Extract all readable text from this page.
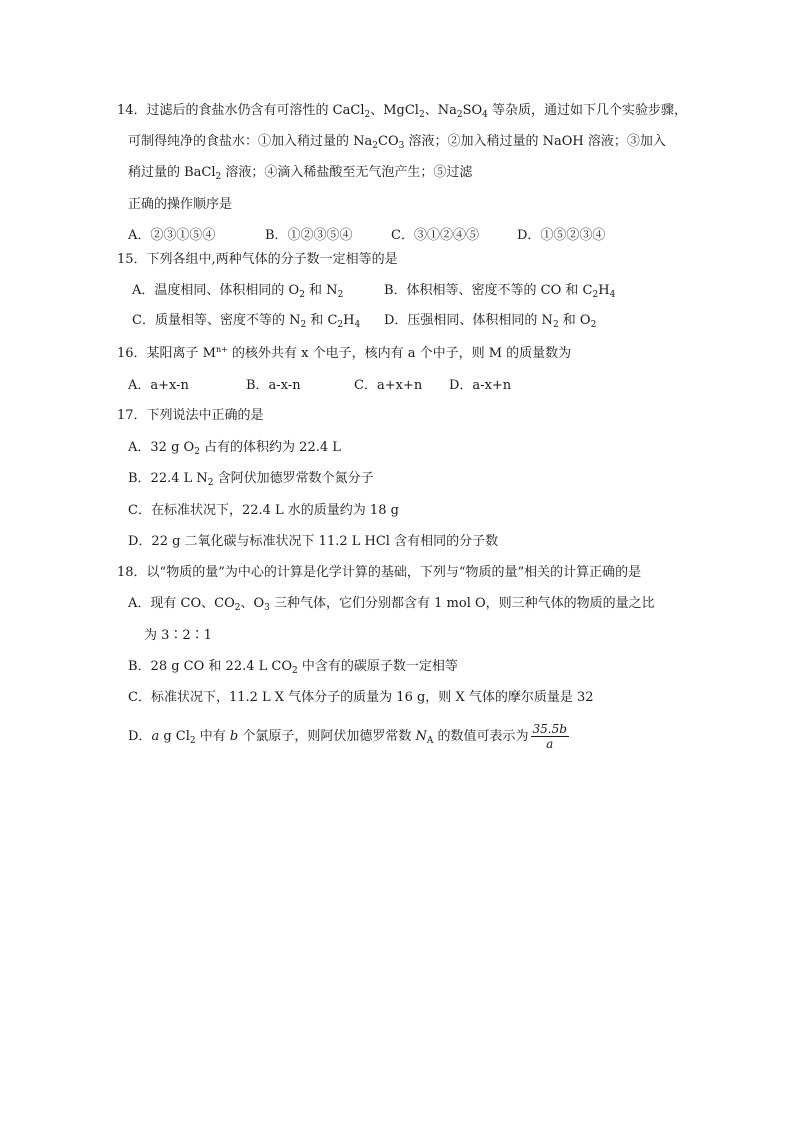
14．过滤后的食盐水仍含有可溶性的 CaCl$_2$、MgCl$_2$、$Na_2SO_4$ 等杂质，通过如下几个实验步骤，
可制得纯净的食盐水：①加入稍过量的 $Na_2CO_3$ 溶液；②加入稍过量的 NaOH 溶液；③加入
稍过量的 BaCl$_2$ 溶液；④滴入稀盐酸至无气泡产生；⑤过滤
正确的操作顺序是
A．②③①⑤④	B．①②③⑤④	C．③①②④⑤	D．①⑤②③④
15．下列各组中,两种气体的分子数一定相等的是
A．温度相同、体积相同的 $O_2$ 和 $N_2$	B．体积相等、密度不等的 CO 和 $C_2H_4$
C．质量相等、密度不等的 $N_2$ 和 $C_2H_4$ D．压强相同、体积相同的 $N_2$ 和 $O_2$
16．某阳离子 $M^{n+}$ 的核外共有 x 个电子，核内有 a 个中子，则 M 的质量数为
A．a+x-n	B．a-x-n	C．a+x+n D．a-x+n
17．下列说法中正确的是
A．32 g $O_2$ 占有的体积约为 22.4 L
B．22.4 L $N_2$ 含阿伏加德罗常数个氮分子
C．在标准状况下，22.4 L 水的质量约为 18 g
D．22 g 二氧化碳与标准状况下 11.2 L HCl 含有相同的分子数
18．以“物质的量”为中心的计算是化学计算的基础，下列与“物质的量”相关的计算正确的是
A．现有 CO、$CO_2$、$O_3$ 三种气体，它们分别都含有 1 mol O，则三种气体的物质的量之比
为 3∶2∶1
B．28 g CO 和 22.4 L $CO_2$ 中含有的碳原子数一定相等
C．标准状况下，11.2 L X 气体分子的质量为 16 g，则 X 气体的摩尔质量是 32
D．a g $Cl_2$ 中有 b 个氯原子，则阿伏加德罗常数 $N_A$ 的数值可表示为 $\frac{35.5b}{a}$
